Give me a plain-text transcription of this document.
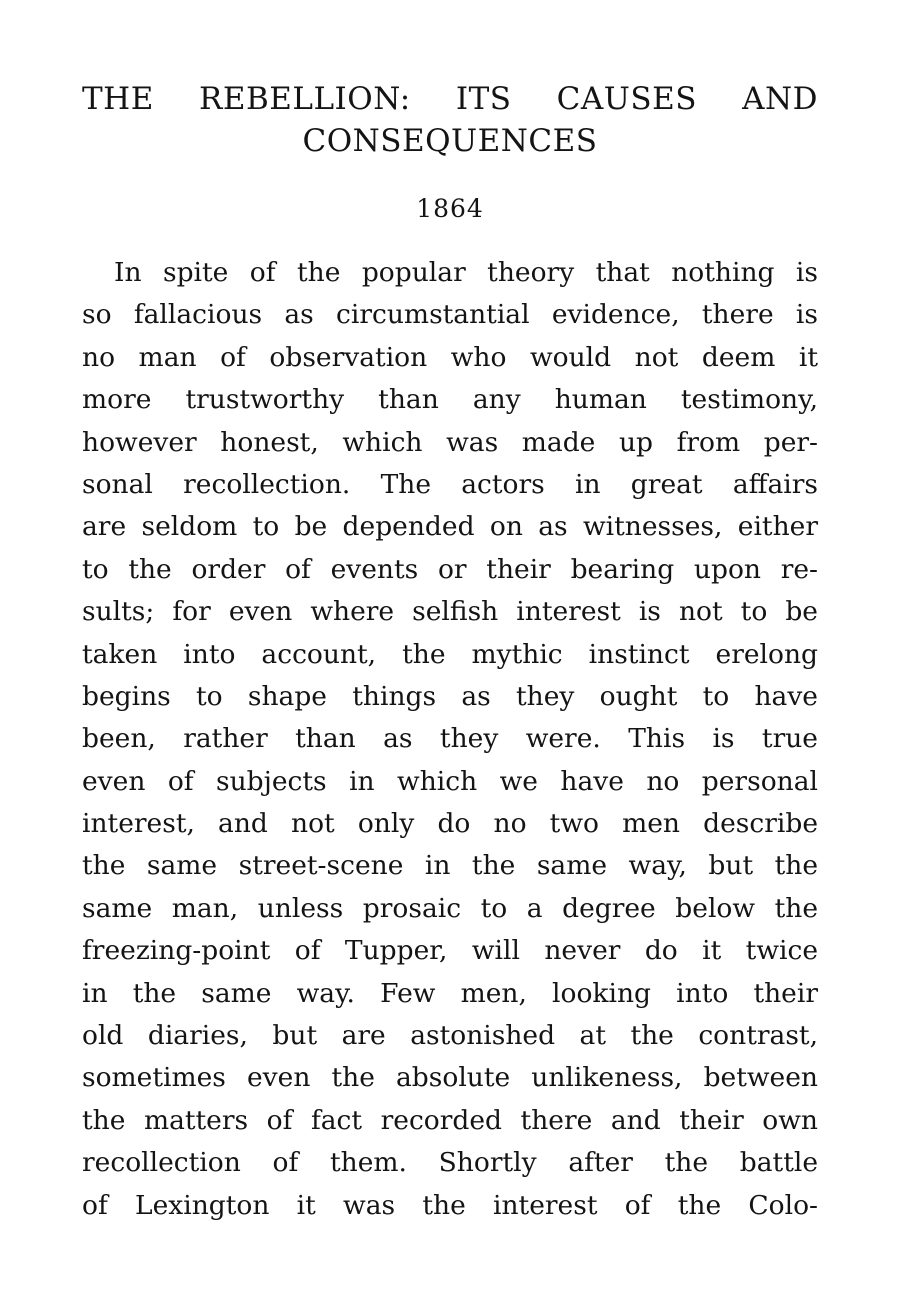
THE REBELLION: ITS CAUSES AND
CONSEQUENCES
1864
In spite of the popular theory that nothing is
so fallacious as circumstantial evidence, there is
no man of observation who would not deem it
more trustworthy than any human testimony,
however honest, which was made up from per-
sonal recollection. The actors in great affairs
are seldom to be depended on as witnesses, either
to the order of events or their bearing upon re-
sults; for even where selfish interest is not to be
taken into account, the mythic instinct erelong
begins to shape things as they ought to have
been, rather than as they were. This is true
even of subjects in which we have no personal
interest, and not only do no two men describe
the same street-scene in the same way, but the
same man, unless prosaic to a degree below the
freezing-point of Tupper, will never do it twice
in the same way. Few men, looking into their
old diaries, but are astonished at the contrast,
sometimes even the absolute unlikeness, between
the matters of fact recorded there and their own
recollection of them. Shortly after the battle
of Lexington it was the interest of the Colo-
